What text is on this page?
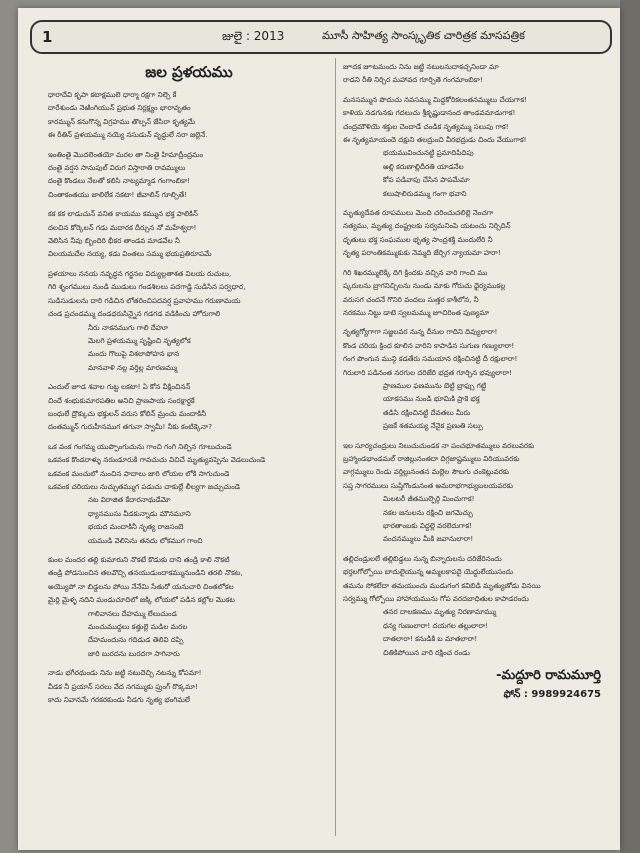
1	జులై : 2013	మూసీ సాహిత్య సాంస్కృతిక చారిత్రక మాసపత్రిక
జల ప్రళయము
ధారాదేవి కృపా కటాక్షములె ధార్మా రక్షగా నిల్చె కే
దారేశుండు నెఱింగియున్ ప్రభుత నిర్లక్ష్యం భారావృతం
కారమ్మున్ కనుగొన్న విగ్రహము తొల్పన్ జేసిరా కృత్యమే
ఈ రీతిన్ ప్రళయమ్ము నయ్యె నసుడున్ వృద్ధులే నరా జల్లెనే.
ఇంతింతై మొదలెంతయో మరల తా నింతై హిమాద్రీంద్రమం
దంతై వర్షన సానుపుల్ విరుగ విస్తారాతి రావమ్ములు
దంతై కొండలు నేలతో కలిసి నాట్యమ్మాడ గంగాంబికా!
చింతాకంతయు జాలిలేక నకటా! జీవాలిన్ గూల్చితే!
కక కక లాడుచున్ వనిత కాయము కమ్మున భక్త పాలికిన్
దలచిన కోర్కెలన్ గడు మదారక దీర్చున నో మహేశ్వరా!
వెలిసిన నీవు బ్బిందిరి భీకర తాండవ మాడవేల నీ
విలయమదేల నయ్య, కడు వింతలు సమ్ము భయప్రతిరూపమే
ప్రళయాలు ననయ నవృద్ధన గర్జనల విద్యుల్లతాశత విలయ రుచులు,
గిరి శృంగములు నుండి ముడులు గండశిలలు పదగాడ్డి సుడిసిన పర్వధార,
సుడిసుడులను దారి గడిచిన లోతరించిపదవర్ష ప్రవాహము గరుణామయ
చండ ప్రచండమ్ము దండధరుసిన్నైన గడగడ వడికించు హోరుగాలి
నీరు నాకనముగు గాలి దేహూ
మెలగి ప్రళయమ్ము సృష్టించి నృత్యలోక
మందు గొలుపై విశలాపోహన భాన
మానవాళి నల్ల వర్తిల్ల మారణమ్ము
ఎందుల్ జూడ శవాల గుట్ట లకటా! ఏ కోన వీక్షించినన్
చిందే శంభుకుమారపతిల అనిచి ప్రాణపాయ సంరక్షార్థకే
బంధులే ద్రొక్కుచు భక్తులన్ వరుస కోలిన్ మ్రంచు మందాకినీ
దంతమ్మున్ గురుహీనముగ తగునా స్వామీ! నీకు కంటిక్కెనా?
ఒక వంక గంగమ్మ యుప్పొంగుచును గాంచి గంగి నిల్పిన గూలుచుండె
ఒకవంక కొండరాళ్ళు నరుఁడూరుకి గావచుచు విచిచే మృత్యువప్పెను వెడలుచుండె
ఒకవంక మంచులో నుంచిన పాదాలు జారి లోయల లోకి సాగుచుండె
ఒకవంక చరియలు నుచ్చుతమ్ముగ పడుచు చాకుల్లే లీల్యగా జచ్చుచుండె
నట విరాజిత కేదారనాథుడేమో
ధ్యానముసు వీడకున్నాడు మౌనమూని
భయద మందాకినీ నృత్య రాజసంబె
యముడి వెలిసెను తనదు లోకముగ గాంచి
కుంల మందర తల్లి కుమారుని నొకటే కొడుకు దాని తండ్రి కాలి నొకటి
తండ్రి పోడసుంచిన తలవొచ్చి తనయుడుందాకమ్మునుండిని తరలి నొకట,
అయ్యొపో నా బిడ్డలను పోయి నేనేమి సేతురో యనుచారి చింతలోకల
మైర్లి మైళ్ళ నదిని మండుచూదిలో జక్కి లోయలో పడిన కల్లోల మొకట
గాలివానలు దేహమ్ము లేలుచుండ
మంచుముద్దలు కత్తుల్లె మడిల మరల
దేహమందును గదిడుడ తెలివి దప్పి
జారి బురదను బురదగా సాగినారు
నాడు భగీరథుండు నిను జట్టి నటుదెచ్చి నటన్ను కోపమా!
వీడక నీ ప్రయాన్ సరలు వేద నగమ్ముకు ప్రుంగ్ రొక్కమా!
కాదు నివానమే గరకరకుండు నీడగు నృత్య భంగిమలే
జూదక జూటమందు నిను జట్టి నటులనుదాకచ్చనిండా మా
రాడని రీతి నిర్చిర మహావద గూర్చితె గంగమాంబికా!
మనసమ్మున పొదుచు నవసమ్ము మిద్దకోరికలంతనమ్ములు చేయగాక!
కాళియ నడగునకు గదలుచు శ్రీకృష్ణుడానంద తాండవమాడుగాక!
చంద్రమౌళియె శక్తుల చెందాడే చండిక నృత్యమ్ము సలుపు గాక!
ఈ నృత్యమాయందె దక్షుని తలద్రుంచి వీరభద్రుడు చిందు వేయుగాక!
భయమువించునట్టి ప్రమాదిపిదిపు
అల్లి కరుణాల్లిదీరతి యాడనేల
కోప పడివాపు చేసిన పాపమేమా
కలుషాలిరుడమ్ము గంగా భవాని
మృత్యుదేవత రూపములు మెంది చరించుచలిల్లె నెంచగా
నత్యము, మృత్యు దంష్ట్రలకు సర్వమనింపె యటంచు నిర్చిదిన్
ధృతులు భక్త సంఘముల భృత్య సాంద్రశక్తి మందులేరి నీ
నృత్య పరాంతికమ్ముకుకు నెమ్మది జేర్చిగ న్యాయమా హరా!
గిరి శిఖరమ్ములెక్కి దిగి క్రిందకు వచ్చిన వారి గాంచి ము
ష్కరులను బ్రాగనిచ్చిలను నుండు మాకు గోరుచు ధైర్యముకల్ల
వరుసగ చందనే గొనిరి వందలు సుత్తర కాశీలోన, నీ
నరకము నిట్టు డాటె స్వలమమ్ము జూచిరింత పుణ్యమా
నృత్యగ్యోగాగా సజ్జలవర నున్న దీనుల గాదిని దివ్యులారా!
కొండ చరియ క్రింద కూలిన వారిని కాపాడిన సుగుణ గణ్యులారా!
గంగ పొంగున మున్గి కడతేరు సమయాన రక్షించినట్టి దీ రక్షులారా!
గిరులారి పడినంత నరగుల దరిజేరి భద్రత గూర్చిన భవ్యులారా!
ప్రాణముల ఫణమును బెట్టి బ్రాఫ్సు గట్టి
యాకసము నుండి భూమికి ప్రాకె భక్త
తడిసి రక్షించినట్టి దేవతలు మీరు
ప్రజకే శతమయ్య నేనైక ప్రణుతి సల్పు
ఇల సూర్యచంద్రులు నిలుచుచుండక నా పంచభూతమ్ములు వరలువరకు
బ్రహ్మాండభాండమల్ రాజిల్లునంతదా దిగ్గజాష్టమ్ములు విరియువరకు
వాగ్గమ్ములు రెండు వర్తిల్లునంతన మల్లెల సౌబగు చంకెట్లువరకు
సప్త సాగరములు సుప్తిగొండునంత అమరాభగాభ్యుబలయవరకు
మిలటరీ జీతముల్పెర్గి మించుగాక!
నకల జనులను రక్షించి జగమెచ్చు
భారతాంబకు విద్దల్లె వరలెదుగాక!
వందనమ్ములు మీకి జవానులారా!
తల్లిదండ్రులలే తల్లిబిడ్డలు నున్న బిన్నారులను దరిజేరినందు
భర్తలగోల్పోయి బాదులైయున్న అమ్మలకాపదై యెద్దులేయుసందు
తమను సోకలేదా తమయుంచు ముడుగంగ కవిబిడి మృత్యుణోడు వినయి
సర్వమ్ము గోల్పోయి హాహాయమును గోప వరదబాధితుల కాపాడరందు
తనర దాలకణము మృత్యు నిరణామామ్ము
ధన్య గుణులారా! దయగల తల్లులారా!
దాతలారా! కనుడికి బ మాతలారా!
చితికిపోయిన వారి రక్షించ రండు
-మద్దూరి రామమూర్తి
ఫోన్ : 9989924675
